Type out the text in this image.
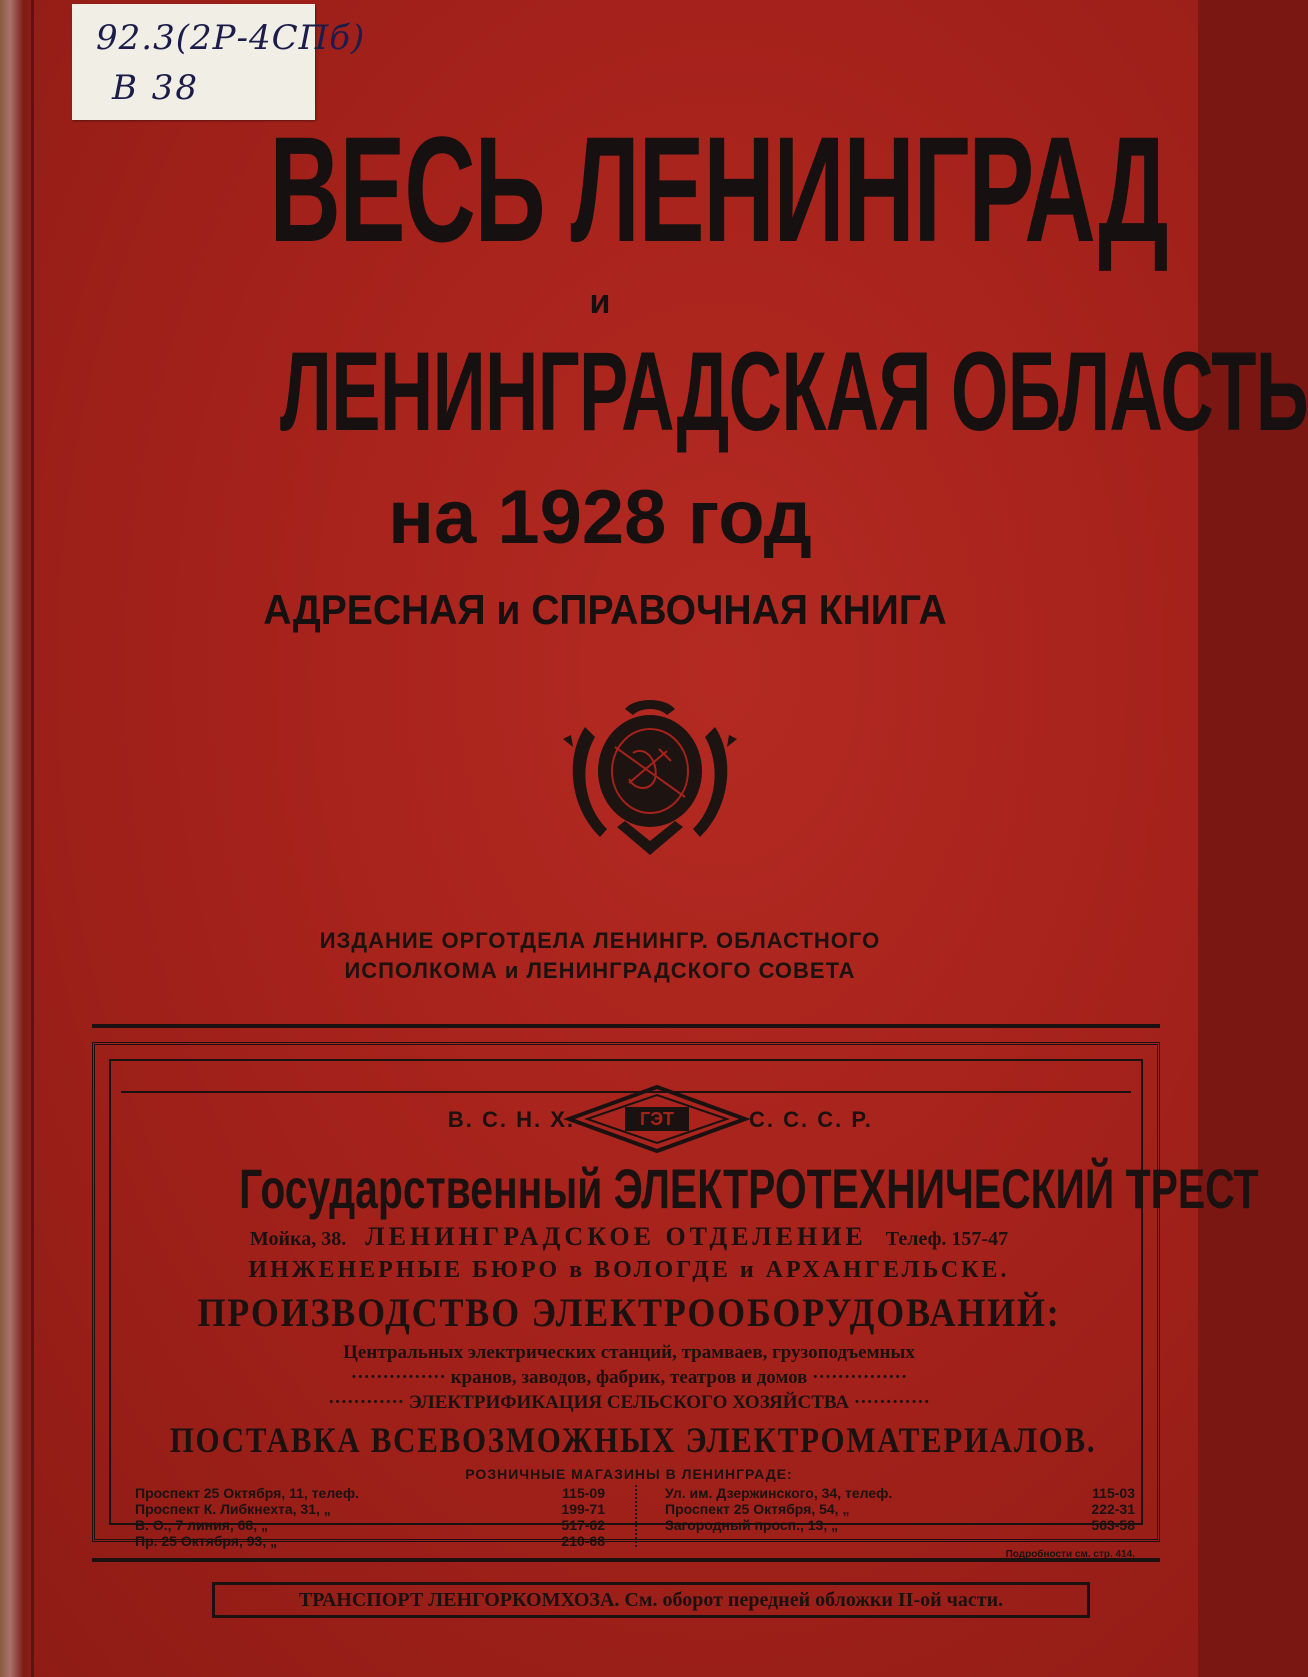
92.3(2Р-4СПб)
В 38
ВЕСЬ ЛЕНИНГРАД
и
ЛЕНИНГРАДСКАЯ ОБЛАСТЬ
на 1928 год
АДРЕСНАЯ и СПРАВОЧНАЯ КНИГА
ИЗДАНИЕ ОРГОТДЕЛА ЛЕНИНГР. ОБЛАСТНОГО
ИСПОЛКОМА и ЛЕНИНГРАДСКОГО СОВЕТА
В. С. Н. Х.	ГЭТ	С. С. С. Р.
Государственный ЭЛЕКТРОТЕХНИЧЕСКИЙ ТРЕСТ
Мойка, 38. ЛЕНИНГРАДСКОЕ ОТДЕЛЕНИЕ Телеф. 157-47
ИНЖЕНЕРНЫЕ БЮРО в ВОЛОГДЕ и АРХАНГЕЛЬСКЕ.
ПРОИЗВОДСТВО ЭЛЕКТРООБОРУДОВАНИЙ:
Центральных электрических станций, трамваев, грузоподъемных
··············· кранов, заводов, фабрик, театров и домов ···············
············ ЭЛЕКТРИФИКАЦИЯ СЕЛЬСКОГО ХОЗЯЙСТВА ············
ПОСТАВКА ВСЕВОЗМОЖНЫХ ЭЛЕКТРОМАТЕРИАЛОВ.
РОЗНИЧНЫЕ МАГАЗИНЫ В ЛЕНИНГРАДЕ:
Проспект 25 Октября, 11, телеф.	115-09
Проспект К. Либкнехта, 31, „	199-71
В. О., 7 линия, 68, „	517-62
Пр. 25 Октября, 93, „	210-68
Ул. им. Дзержинского, 34, телеф.	115-03
Проспект 25 Октября, 54, „	222-31
Загородный просп., 13, „	563-58
Подробности см. стр. 414.
ТРАНСПОРТ ЛЕНГОРКОМХОЗА. См. оборот передней обложки II-ой части.
